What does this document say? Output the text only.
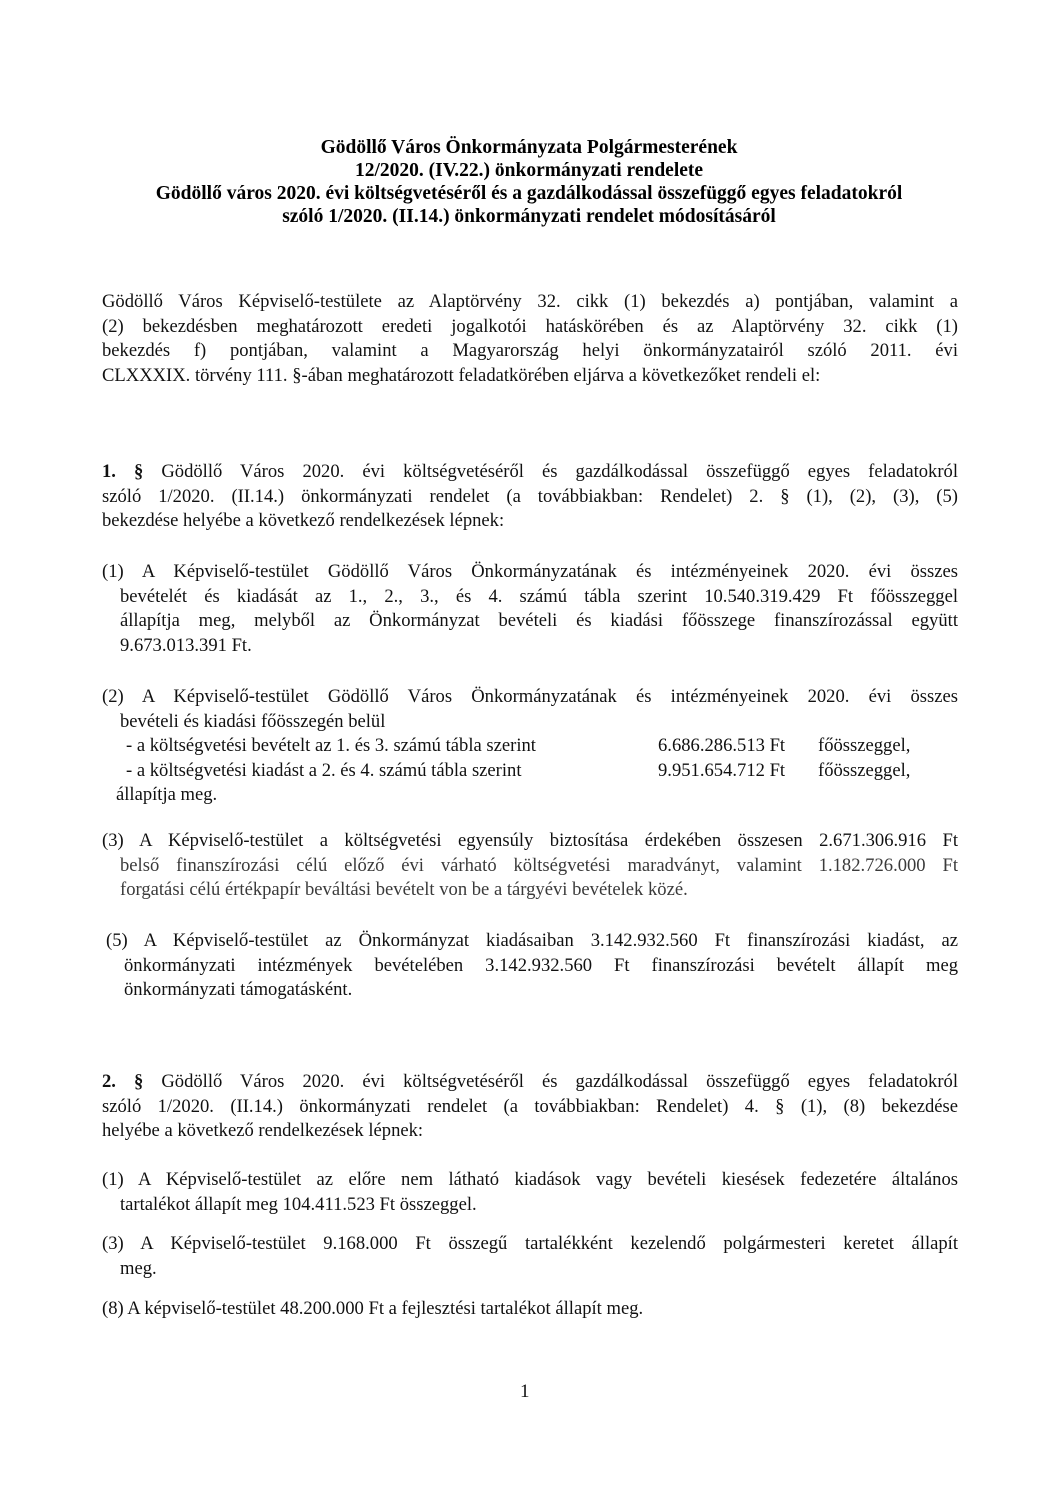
Gödöllő Város Önkormányzata Polgármesterének
12/2020. (IV.22.) önkormányzati rendelete
Gödöllő város 2020. évi költségvetéséről és a gazdálkodással összefüggő egyes feladatokról
szóló 1/2020. (II.14.) önkormányzati rendelet módosításáról
Gödöllő Város Képviselő-testülete az Alaptörvény 32. cikk (1) bekezdés a) pontjában, valamint a
(2) bekezdésben meghatározott eredeti jogalkotói hatáskörében és az Alaptörvény 32. cikk (1)
bekezdés f) pontjában, valamint a Magyarország helyi önkormányzatairól szóló 2011. évi
CLXXXIX. törvény 111. §-ában meghatározott feladatkörében eljárva a következőket rendeli el:
1. § Gödöllő Város 2020. évi költségvetéséről és gazdálkodással összefüggő egyes feladatokról
szóló 1/2020. (II.14.) önkormányzati rendelet (a továbbiakban: Rendelet) 2. § (1), (2), (3), (5)
bekezdése helyébe a következő rendelkezések lépnek:
(1) A Képviselő-testület Gödöllő Város Önkormányzatának és intézményeinek 2020. évi összes
bevételét és kiadását az 1., 2., 3., és 4. számú tábla szerint 10.540.319.429 Ft főösszeggel
állapítja meg, melyből az Önkormányzat bevételi és kiadási főösszege finanszírozással együtt
9.673.013.391 Ft.
(2) A Képviselő-testület Gödöllő Város Önkormányzatának és intézményeinek 2020. évi összes
bevételi és kiadási főösszegén belül
- a költségvetési bevételt az 1. és 3. számú tábla szerint	6.686.286.513 Ft főösszeggel,
- a költségvetési kiadást a 2. és 4. számú tábla szerint	9.951.654.712 Ft főösszeggel,
állapítja meg.
(3) A Képviselő-testület a költségvetési egyensúly biztosítása érdekében összesen 2.671.306.916 Ft
belső finanszírozási célú előző évi várható költségvetési maradványt, valamint 1.182.726.000 Ft
forgatási célú értékpapír beváltási bevételt von be a tárgyévi bevételek közé.
(5) A Képviselő-testület az Önkormányzat kiadásaiban 3.142.932.560 Ft finanszírozási kiadást, az
önkormányzati intézmények bevételében 3.142.932.560 Ft finanszírozási bevételt állapít meg
önkormányzati támogatásként.
2. § Gödöllő Város 2020. évi költségvetéséről és gazdálkodással összefüggő egyes feladatokról
szóló 1/2020. (II.14.) önkormányzati rendelet (a továbbiakban: Rendelet) 4. § (1), (8) bekezdése
helyébe a következő rendelkezések lépnek:
(1) A Képviselő-testület az előre nem látható kiadások vagy bevételi kiesések fedezetére általános
tartalékot állapít meg 104.411.523 Ft összeggel.
(3) A Képviselő-testület 9.168.000 Ft összegű tartalékként kezelendő polgármesteri keretet állapít
meg.
(8) A képviselő-testület 48.200.000 Ft a fejlesztési tartalékot állapít meg.
1
